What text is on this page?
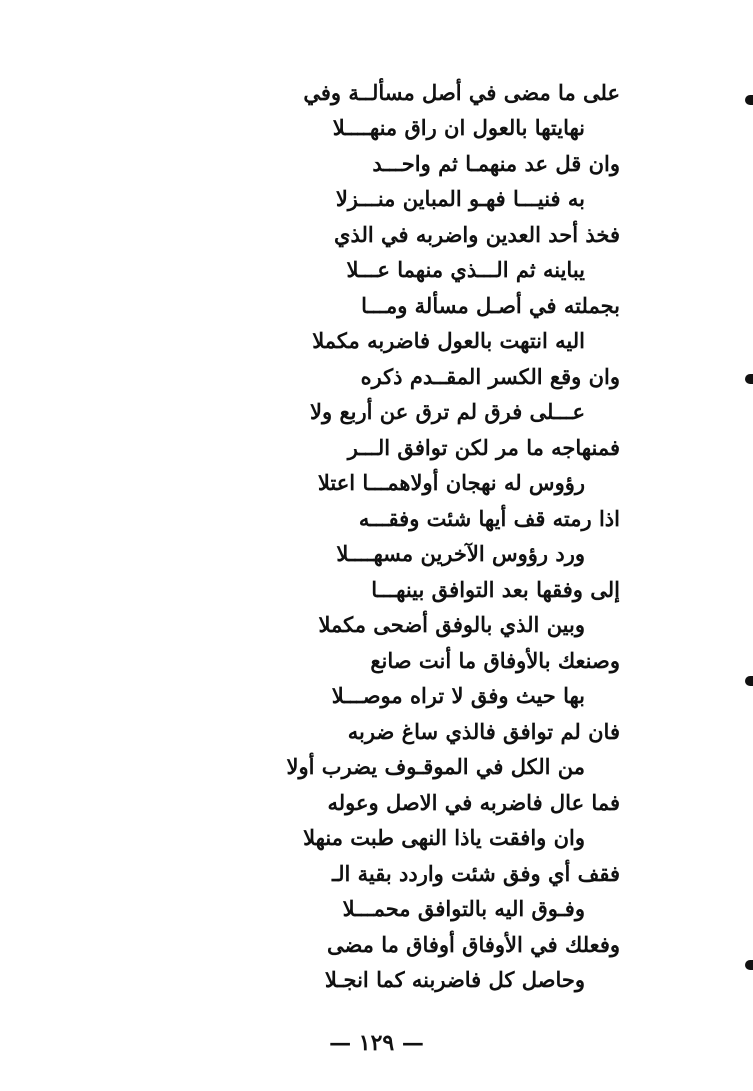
على ما مضى في أصل مسألــة وفي
نهايتها بالعول ان راق منهــــلا
وان قل عد منهمـا ثم واحـــد
به فنيـــا فهـو المباين منـــزلا
فخذ أحد العدين واضربه في الذي
يباينه ثم الـــذي منهما عـــلا
بجملته في أصـل مسألة ومـــا
اليه انتهت بالعول فاضربه مكملا
وان وقع الكسر المقــدم ذكره
عـــلى فرق لم ترق عن أربع ولا
فمنهاجه ما مر لكن توافق الـــر
رؤوس له نهجان أولاهمـــا اعتلا
اذا رمته قف أيها شئت وفقـــه
ورد رؤوس الآخرين مسهــــلا
إلى وفقها بعد التوافق بينهـــا
وبين الذي بالوفق أضحى مكملا
وصنعك بالأوفاق ما أنت صانع
بها حيث وفق لا تراه موصـــلا
فان لم توافق فالذي ساغ ضربه
من الكل في الموقـوف يضرب أولا
فما عال فاضربه في الاصل وعوله
وان وافقت ياذا النهى طبت منهلا
فقف أي وفق شئت واردد بقية الـ
وفـوق اليه بالتوافق محمـــلا
وفعلك في الأوفاق أوفاق ما مضى
وحاصل كل فاضربنه كما انجـلا
— ١٢٩ —
